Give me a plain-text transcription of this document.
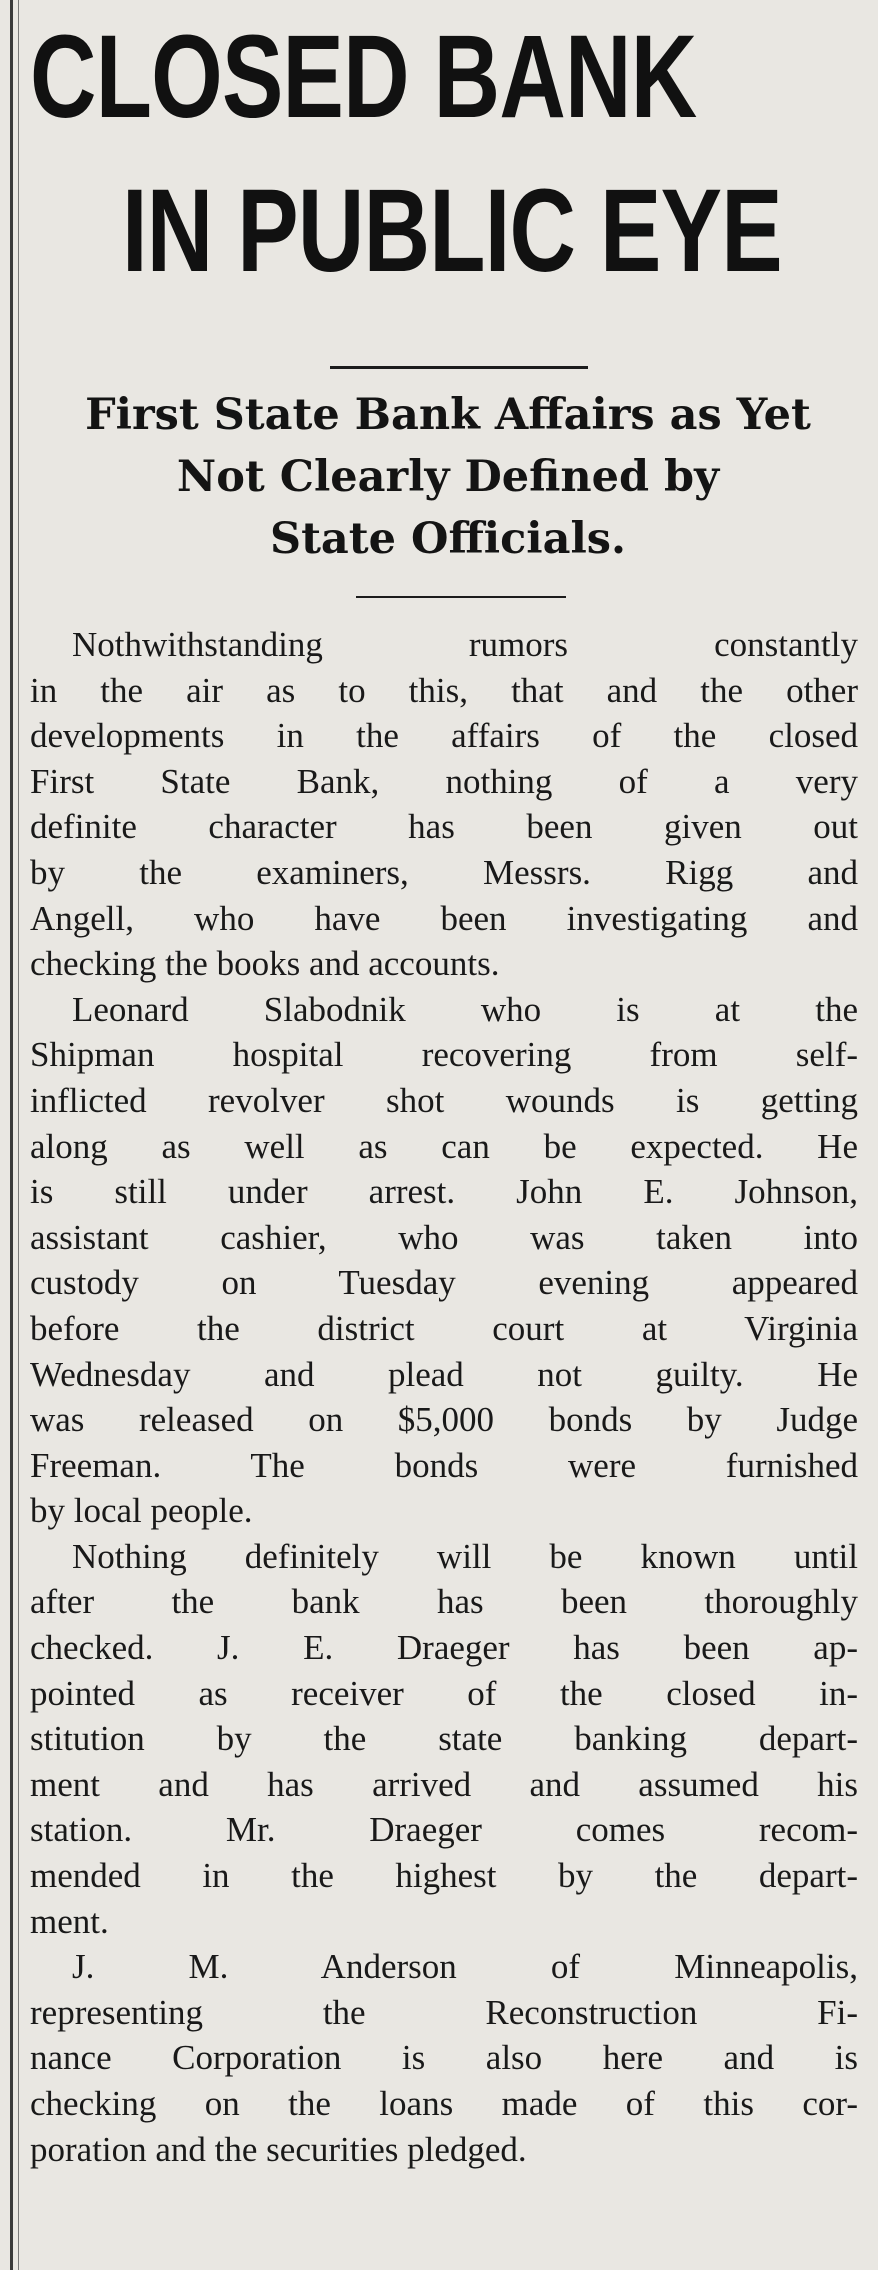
CLOSED BANK
IN PUBLIC EYE
First State Bank Affairs as Yet
Not Clearly Defined by
State Officials.

Nothwithstanding rumors constantly
in the air as to this, that and the other
developments in the affairs of the closed
First State Bank, nothing of a very
definite character has been given out
by the examiners, Messrs. Rigg and
Angell, who have been investigating and
checking the books and accounts.

Leonard Slabodnik who is at the
Shipman hospital recovering from self-
inflicted revolver shot wounds is getting
along as well as can be expected. He
is still under arrest. John E. Johnson,
assistant cashier, who was taken into
custody on Tuesday evening appeared
before the district court at Virginia
Wednesday and plead not guilty. He
was released on $5,000 bonds by Judge
Freeman. The bonds were furnished
by local people.

Nothing definitely will be known until
after the bank has been thoroughly
checked. J. E. Draeger has been ap-
pointed as receiver of the closed in-
stitution by the state banking depart-
ment and has arrived and assumed his
station. Mr. Draeger comes recom-
mended in the highest by the depart-
ment.

J. M. Anderson of Minneapolis,
representing the Reconstruction Fi-
nance Corporation is also here and is
checking on the loans made of this cor-
poration and the securities pledged.
